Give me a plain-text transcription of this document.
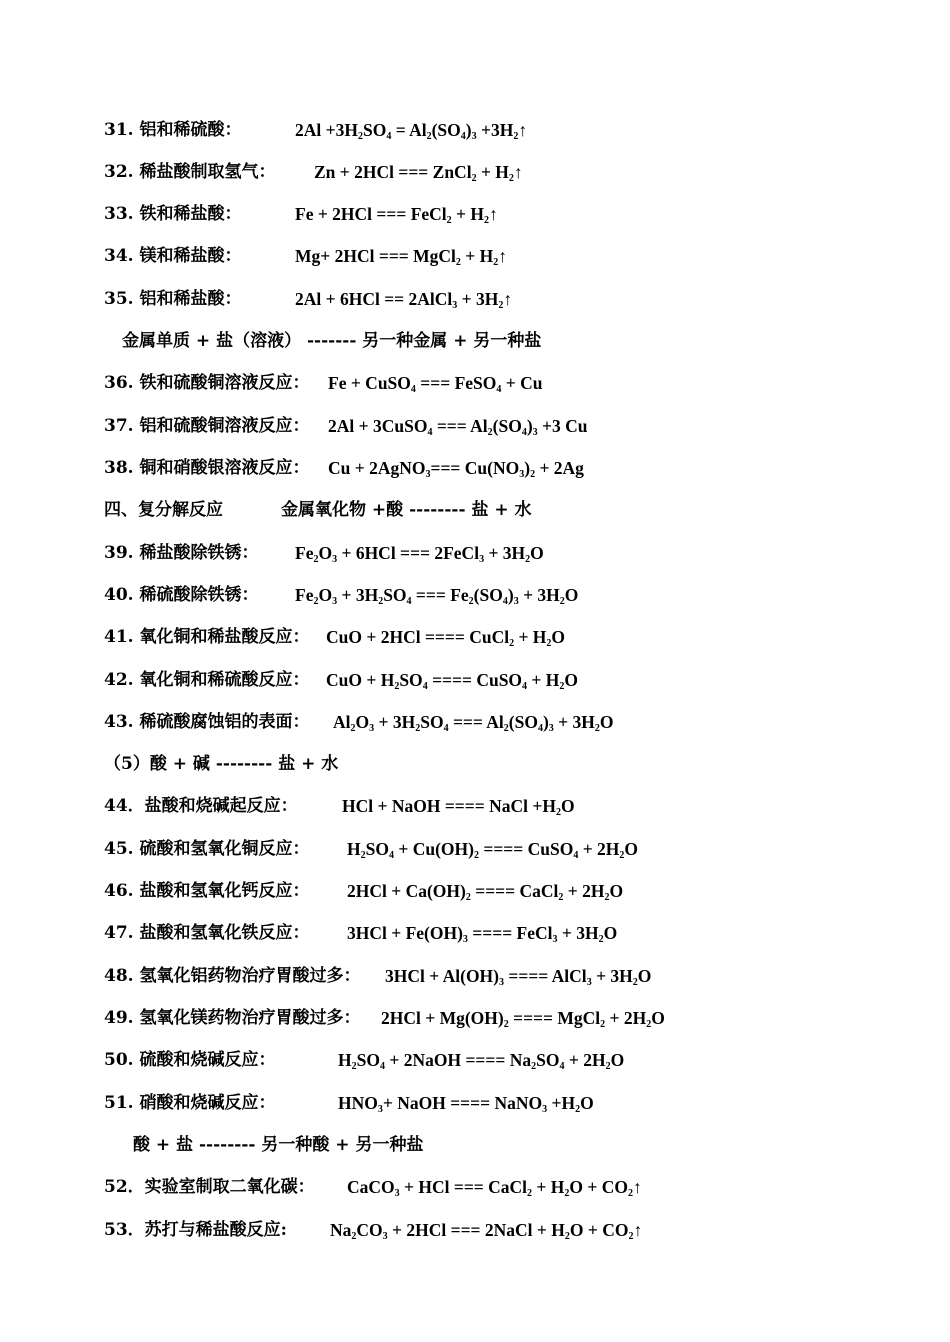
31. 铝和稀硫酸：	$2Al +3H_2SO_4 = Al_2(SO_4)_3$ $+3H_2↑$
32. 稀盐酸制取氢气： Zn + 2HCl === ZnCl$_2$ + $H_2↑$
33. 铁和稀盐酸：	Fe + 2HCl === FeCl$_2$ + $H_2↑$
34. 镁和稀盐酸：	Mg+ 2HCl === MgCl$_2$ + $H_2↑$
35. 铝和稀盐酸：	2Al + 6HCl == 2AlCl$_3$ + $3H_2↑$
金属单质 + 盐（溶液） ------- 另一种金属 + 另一种盐
36. 铁和硫酸铜溶液反应： Fe + CuSO$_4$ === FeSO$_4$ + Cu
37. 铝和硫酸铜溶液反应： 2Al + 3CuSO$_4$ === $Al_2(SO_4)_3 +3$ Cu
38. 铜和硝酸银溶液反应： Cu + 2AgNO$_3$=== $Cu(NO_3)_2 + 2Ag$
四、复分解反应	金属氧化物 +酸 -------- 盐 + 水
39. 稀盐酸除铁锈： $Fe_2O_3 + 6HCl$ === 2FeCl$_3$ + $3H_2O$
40. 稀硫酸除铁锈： $Fe_2O_3 + 3H_2SO_4$ === $Fe_2(SO_4)_3 + 3H_2O$
41. 氧化铜和稀盐酸反应： CuO + 2HCl ==== CuCl$_2$ + $H_2O$
42. 氧化铜和稀硫酸反应： CuO + $H_2SO_4$ ==== CuSO$_4$ + $H_2O$
43. 稀硫酸腐蚀铝的表面： $Al_2O_3 + 3H_2SO_4$ === $Al_2(SO_4)_3 + 3H_2O$
（5）酸 + 碱 -------- 盐 + 水
44．盐酸和烧碱起反应：	HCl + NaOH ==== NaCl $+H_2O$
45. 硫酸和氢氧化铜反应： $H_2SO_4 + Cu(OH)_2$ ==== CuSO$_4$ + $2H_2O$
46. 盐酸和氢氧化钙反应： $2HCl + Ca(OH)_2$ ==== CaCl$_2$ + $2H_2O$
47. 盐酸和氢氧化铁反应： $3HCl + Fe(OH)_3$ ==== FeCl$_3$ + $3H_2O$
48. 氢氧化铝药物治疗胃酸过多： $3HCl + Al(OH)_3$ ==== AlCl$_3$ + $3H_2O$
49. 氢氧化镁药物治疗胃酸过多： $2HCl + Mg(OH)_2$ ==== MgCl$_2$ + $2H_2O$
50. 硫酸和烧碱反应：	$H_2SO_4$ + 2NaOH ==== $Na_2SO_4 + 2H_2O$
51. 硝酸和烧碱反应：	$HNO_3+$ NaOH ==== NaNO$_3$ $+H_2O$
酸 + 盐 -------- 另一种酸 + 另一种盐
52．实验室制取二氧化碳： CaCO$_3$ + HCl === CaCl$_2$ + $H_2O$ + $CO_2↑$
53．苏打与稀盐酸反应: $Na_2CO_3 + 2HCl$ === 2NaCl + $H_2O$ + $CO_2↑$
